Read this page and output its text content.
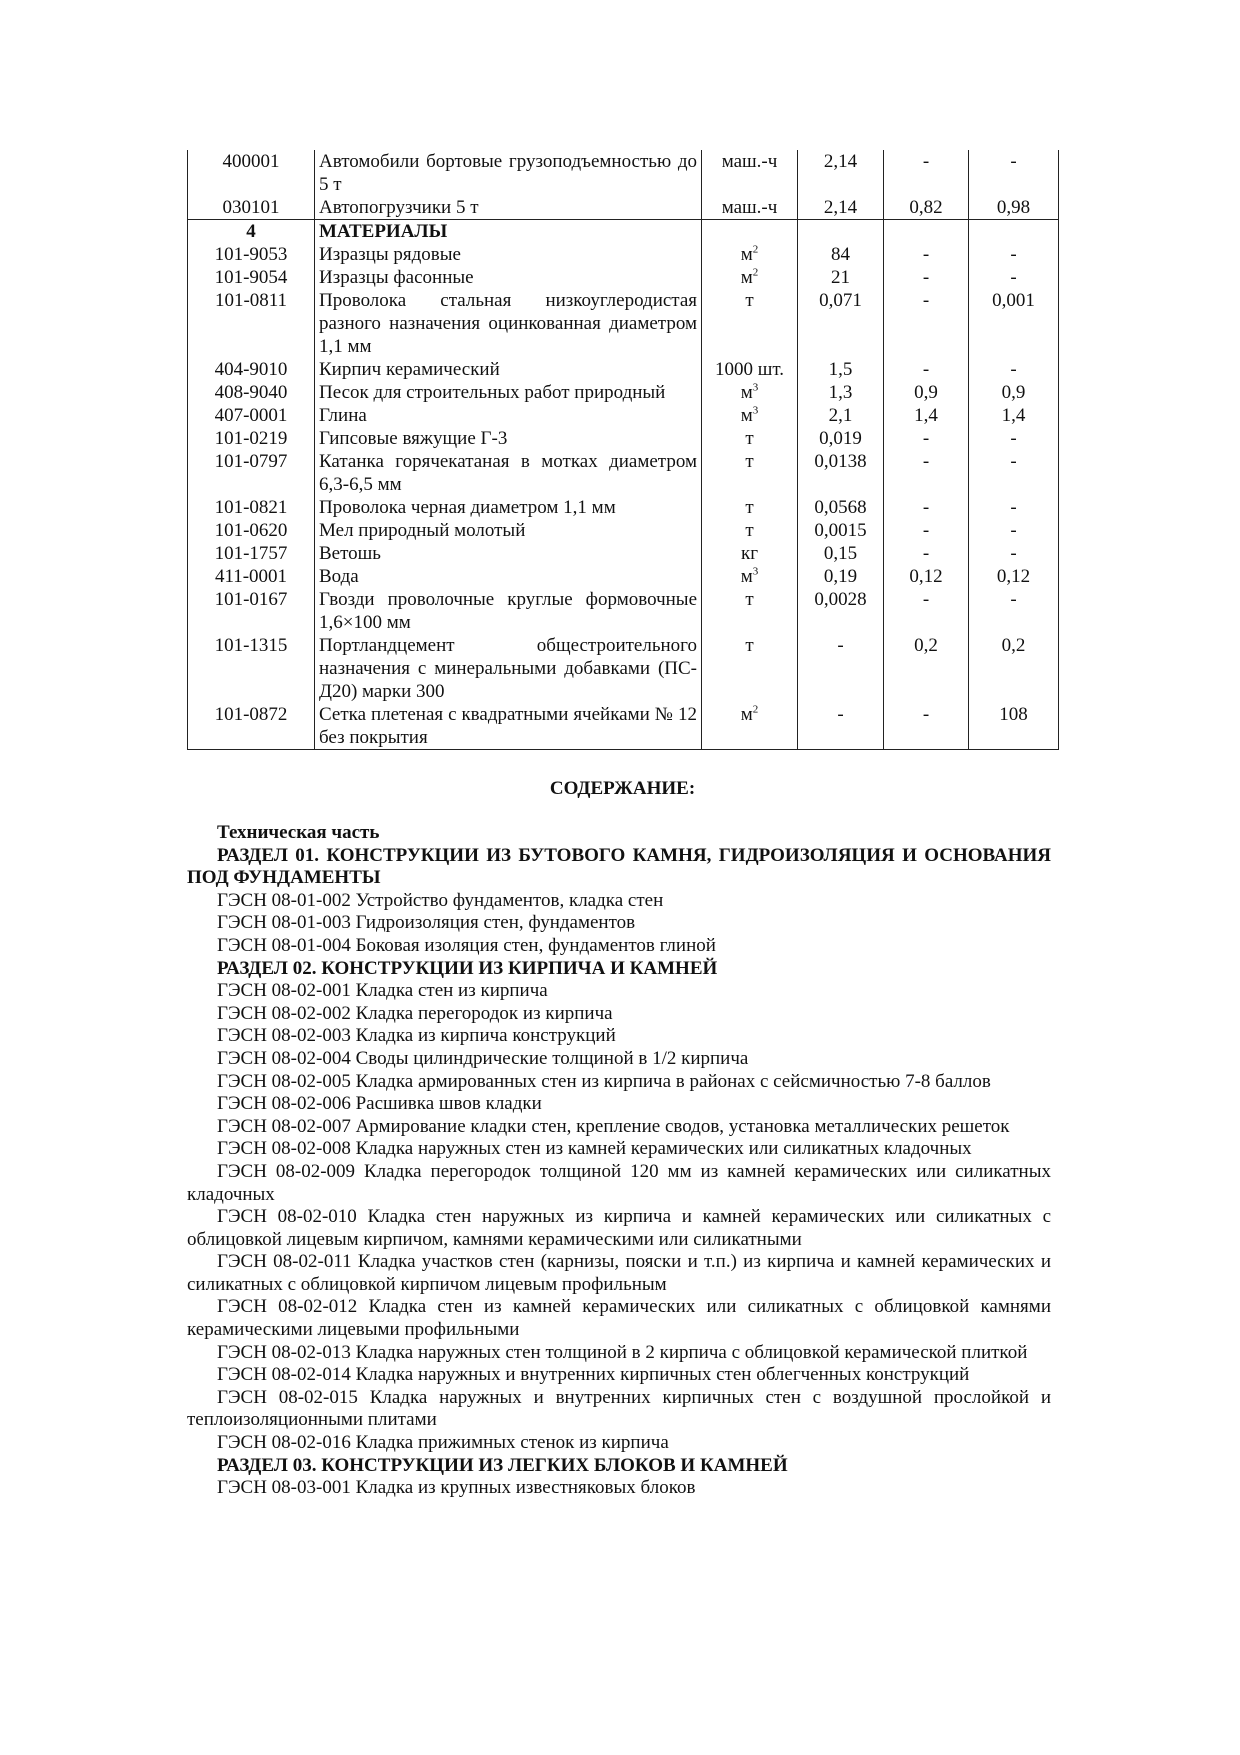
400001	Автомобили бортовые грузоподъемностью до 5 т	маш.-ч	2,14	-	-
030101	Автопогрузчики 5 т	маш.-ч	2,14	0,82	0,98
4	МАТЕРИАЛЫ				
101-9053	Изразцы рядовые	$м^2$	84	-	-
101-9054	Изразцы фасонные	$м^2$	21	-	-
101-0811	Проволока стальная низкоуглеродистая разного назначения оцинкованная диаметром 1,1 мм	т	0,071	-	0,001
404-9010	Кирпич керамический	1000 шт.	1,5	-	-
408-9040	Песок для строительных работ природный	$м^3$	1,3	0,9	0,9
407-0001	Глина	$м^3$	2,1	1,4	1,4
101-0219	Гипсовые вяжущие Г-3	т	0,019	-	-
101-0797	Катанка горячекатаная в мотках диаметром 6,3-6,5 мм	т	0,0138	-	-
101-0821	Проволока черная диаметром 1,1 мм	т	0,0568	-	-
101-0620	Мел природный молотый	т	0,0015	-	-
101-1757	Ветошь	кг	0,15	-	-
411-0001	Вода	$м^3$	0,19	0,12	0,12
101-0167	Гвозди проволочные круглые формовочные 1,6×100 мм	т	0,0028	-	-
101-1315	Портландцемент общестроительного назначения с минеральными добавками (ПС-Д20) марки 300	т	-	0,2	0,2
101-0872	Сетка плетеная с квадратными ячейками № 12 без покрытия	$м^2$	-	-	108
СОДЕРЖАНИЕ:
Техническая часть
РАЗДЕЛ 01. КОНСТРУКЦИИ ИЗ БУТОВОГО КАМНЯ, ГИДРОИЗОЛЯЦИЯ И ОСНОВАНИЯ ПОД ФУНДАМЕНТЫ
ГЭСН 08-01-002 Устройство фундаментов, кладка стен
ГЭСН 08-01-003 Гидроизоляция стен, фундаментов
ГЭСН 08-01-004 Боковая изоляция стен, фундаментов глиной
РАЗДЕЛ 02. КОНСТРУКЦИИ ИЗ КИРПИЧА И КАМНЕЙ
ГЭСН 08-02-001 Кладка стен из кирпича
ГЭСН 08-02-002 Кладка перегородок из кирпича
ГЭСН 08-02-003 Кладка из кирпича конструкций
ГЭСН 08-02-004 Своды цилиндрические толщиной в 1/2 кирпича
ГЭСН 08-02-005 Кладка армированных стен из кирпича в районах с сейсмичностью 7-8 баллов
ГЭСН 08-02-006 Расшивка швов кладки
ГЭСН 08-02-007 Армирование кладки стен, крепление сводов, установка металлических решеток
ГЭСН 08-02-008 Кладка наружных стен из камней керамических или силикатных кладочных
ГЭСН 08-02-009 Кладка перегородок толщиной 120 мм из камней керамических или силикатных кладочных
ГЭСН 08-02-010 Кладка стен наружных из кирпича и камней керамических или силикатных с облицовкой лицевым кирпичом, камнями керамическими или силикатными
ГЭСН 08-02-011 Кладка участков стен (карнизы, пояски и т.п.) из кирпича и камней керамических и силикатных с облицовкой кирпичом лицевым профильным
ГЭСН 08-02-012 Кладка стен из камней керамических или силикатных с облицовкой камнями керамическими лицевыми профильными
ГЭСН 08-02-013 Кладка наружных стен толщиной в 2 кирпича с облицовкой керамической плиткой
ГЭСН 08-02-014 Кладка наружных и внутренних кирпичных стен облегченных конструкций
ГЭСН 08-02-015 Кладка наружных и внутренних кирпичных стен с воздушной прослойкой и теплоизоляционными плитами
ГЭСН 08-02-016 Кладка прижимных стенок из кирпича
РАЗДЕЛ 03. КОНСТРУКЦИИ ИЗ ЛЕГКИХ БЛОКОВ И КАМНЕЙ
ГЭСН 08-03-001 Кладка из крупных известняковых блоков
